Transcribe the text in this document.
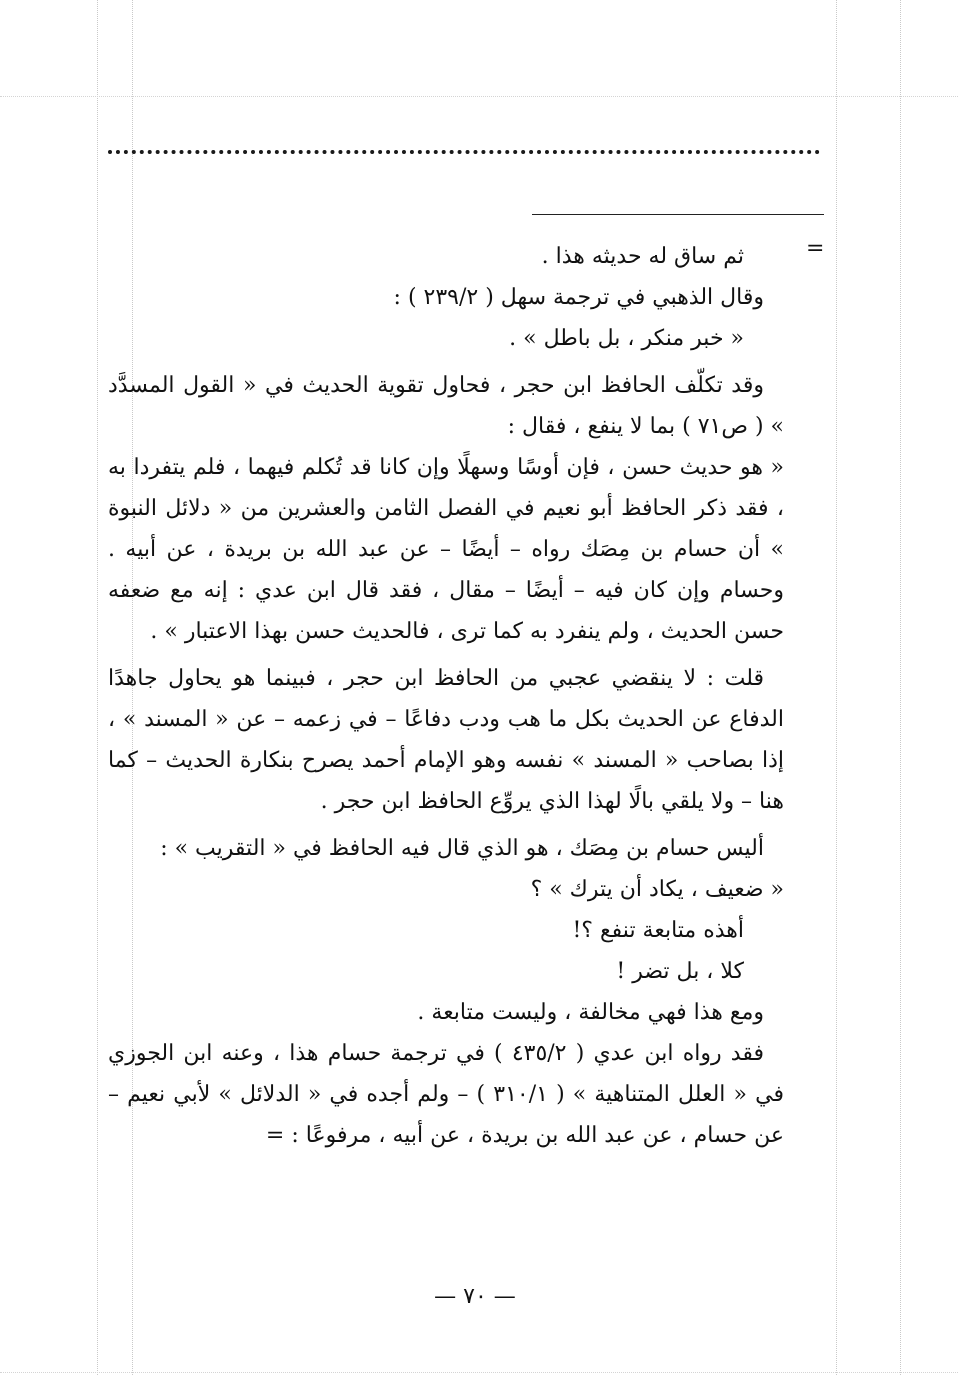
=

ثم ساق له حديثه هذا .

وقال الذهبي في ترجمة سهل ( ٢٣٩/٢ ) :

« خبر منكر ، بل باطل » .

وقد تكلّف الحافظ ابن حجر ، فحاول تقوية الحديث في « القول المسدَّد » ( ص٧١ ) بما لا ينفع ، فقال :

« هو حديث حسن ، فإن أوسًا وسهلًا وإن كانا قد تُكلم فيهما ، فلم يتفردا به ، فقد ذكر الحافظ أبو نعيم في الفصل الثامن والعشرين من « دلائل النبوة » أن حسام بن مِصَك رواه – أيضًا – عن عبد الله بن بريدة ، عن أبيه . وحسام وإن كان فيه – أيضًا – مقال ، فقد قال ابن عدي : إنه مع ضعفه حسن الحديث ، ولم ينفرد به كما ترى ، فالحديث حسن بهذا الاعتبار » .

قلت : لا ينقضي عجبي من الحافظ ابن حجر ، فبينما هو يحاول جاهدًا الدفاع عن الحديث بكل ما هب ودب دفاعًا – في زعمه – عن « المسند » ، إذا بصاحب « المسند » نفسه وهو الإمام أحمد يصرح بنكارة الحديث – كما هنا – ولا يلقي بالًا لهذا الذي يروِّع الحافظ ابن حجر .

أليس حسام بن مِصَك ، هو الذي قال فيه الحافظ في « التقريب » :

« ضعيف ، يكاد أن يترك » ؟

أهذه متابعة تنفع ؟!

كلا ، بل تضر !

ومع هذا فهي مخالفة ، وليست متابعة .

فقد رواه ابن عدي ( ٤٣٥/٢ ) في ترجمة حسام هذا ، وعنه ابن الجوزي في « العلل المتناهية » ( ٣١٠/١ ) – ولم أجده في « الدلائل » لأبي نعيم – عن حسام ، عن عبد الله بن بريدة ، عن أبيه ، مرفوعًا : =

— ٧٠ —
